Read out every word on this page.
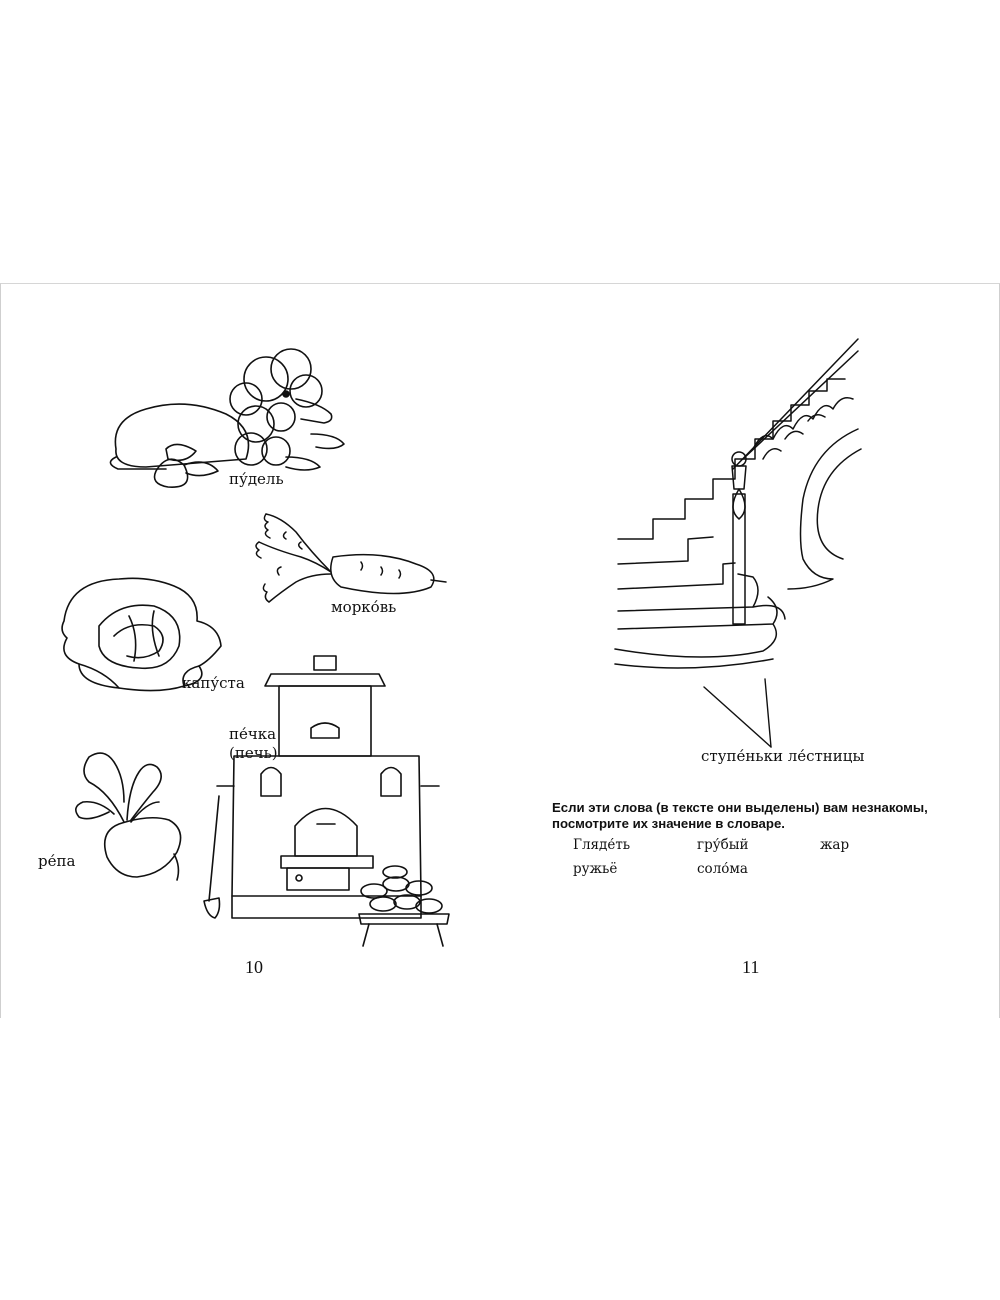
пу́дель
морко́вь
капу́ста
пе́чка
(печь)
ре́па
10
ступе́ньки ле́стницы
Если эти слова (в тексте они выделены) вам незнакомы, посмотрите их значение в словаре.
Гляде́ть	гру́бый	жар
ружьё	соло́ма
11
